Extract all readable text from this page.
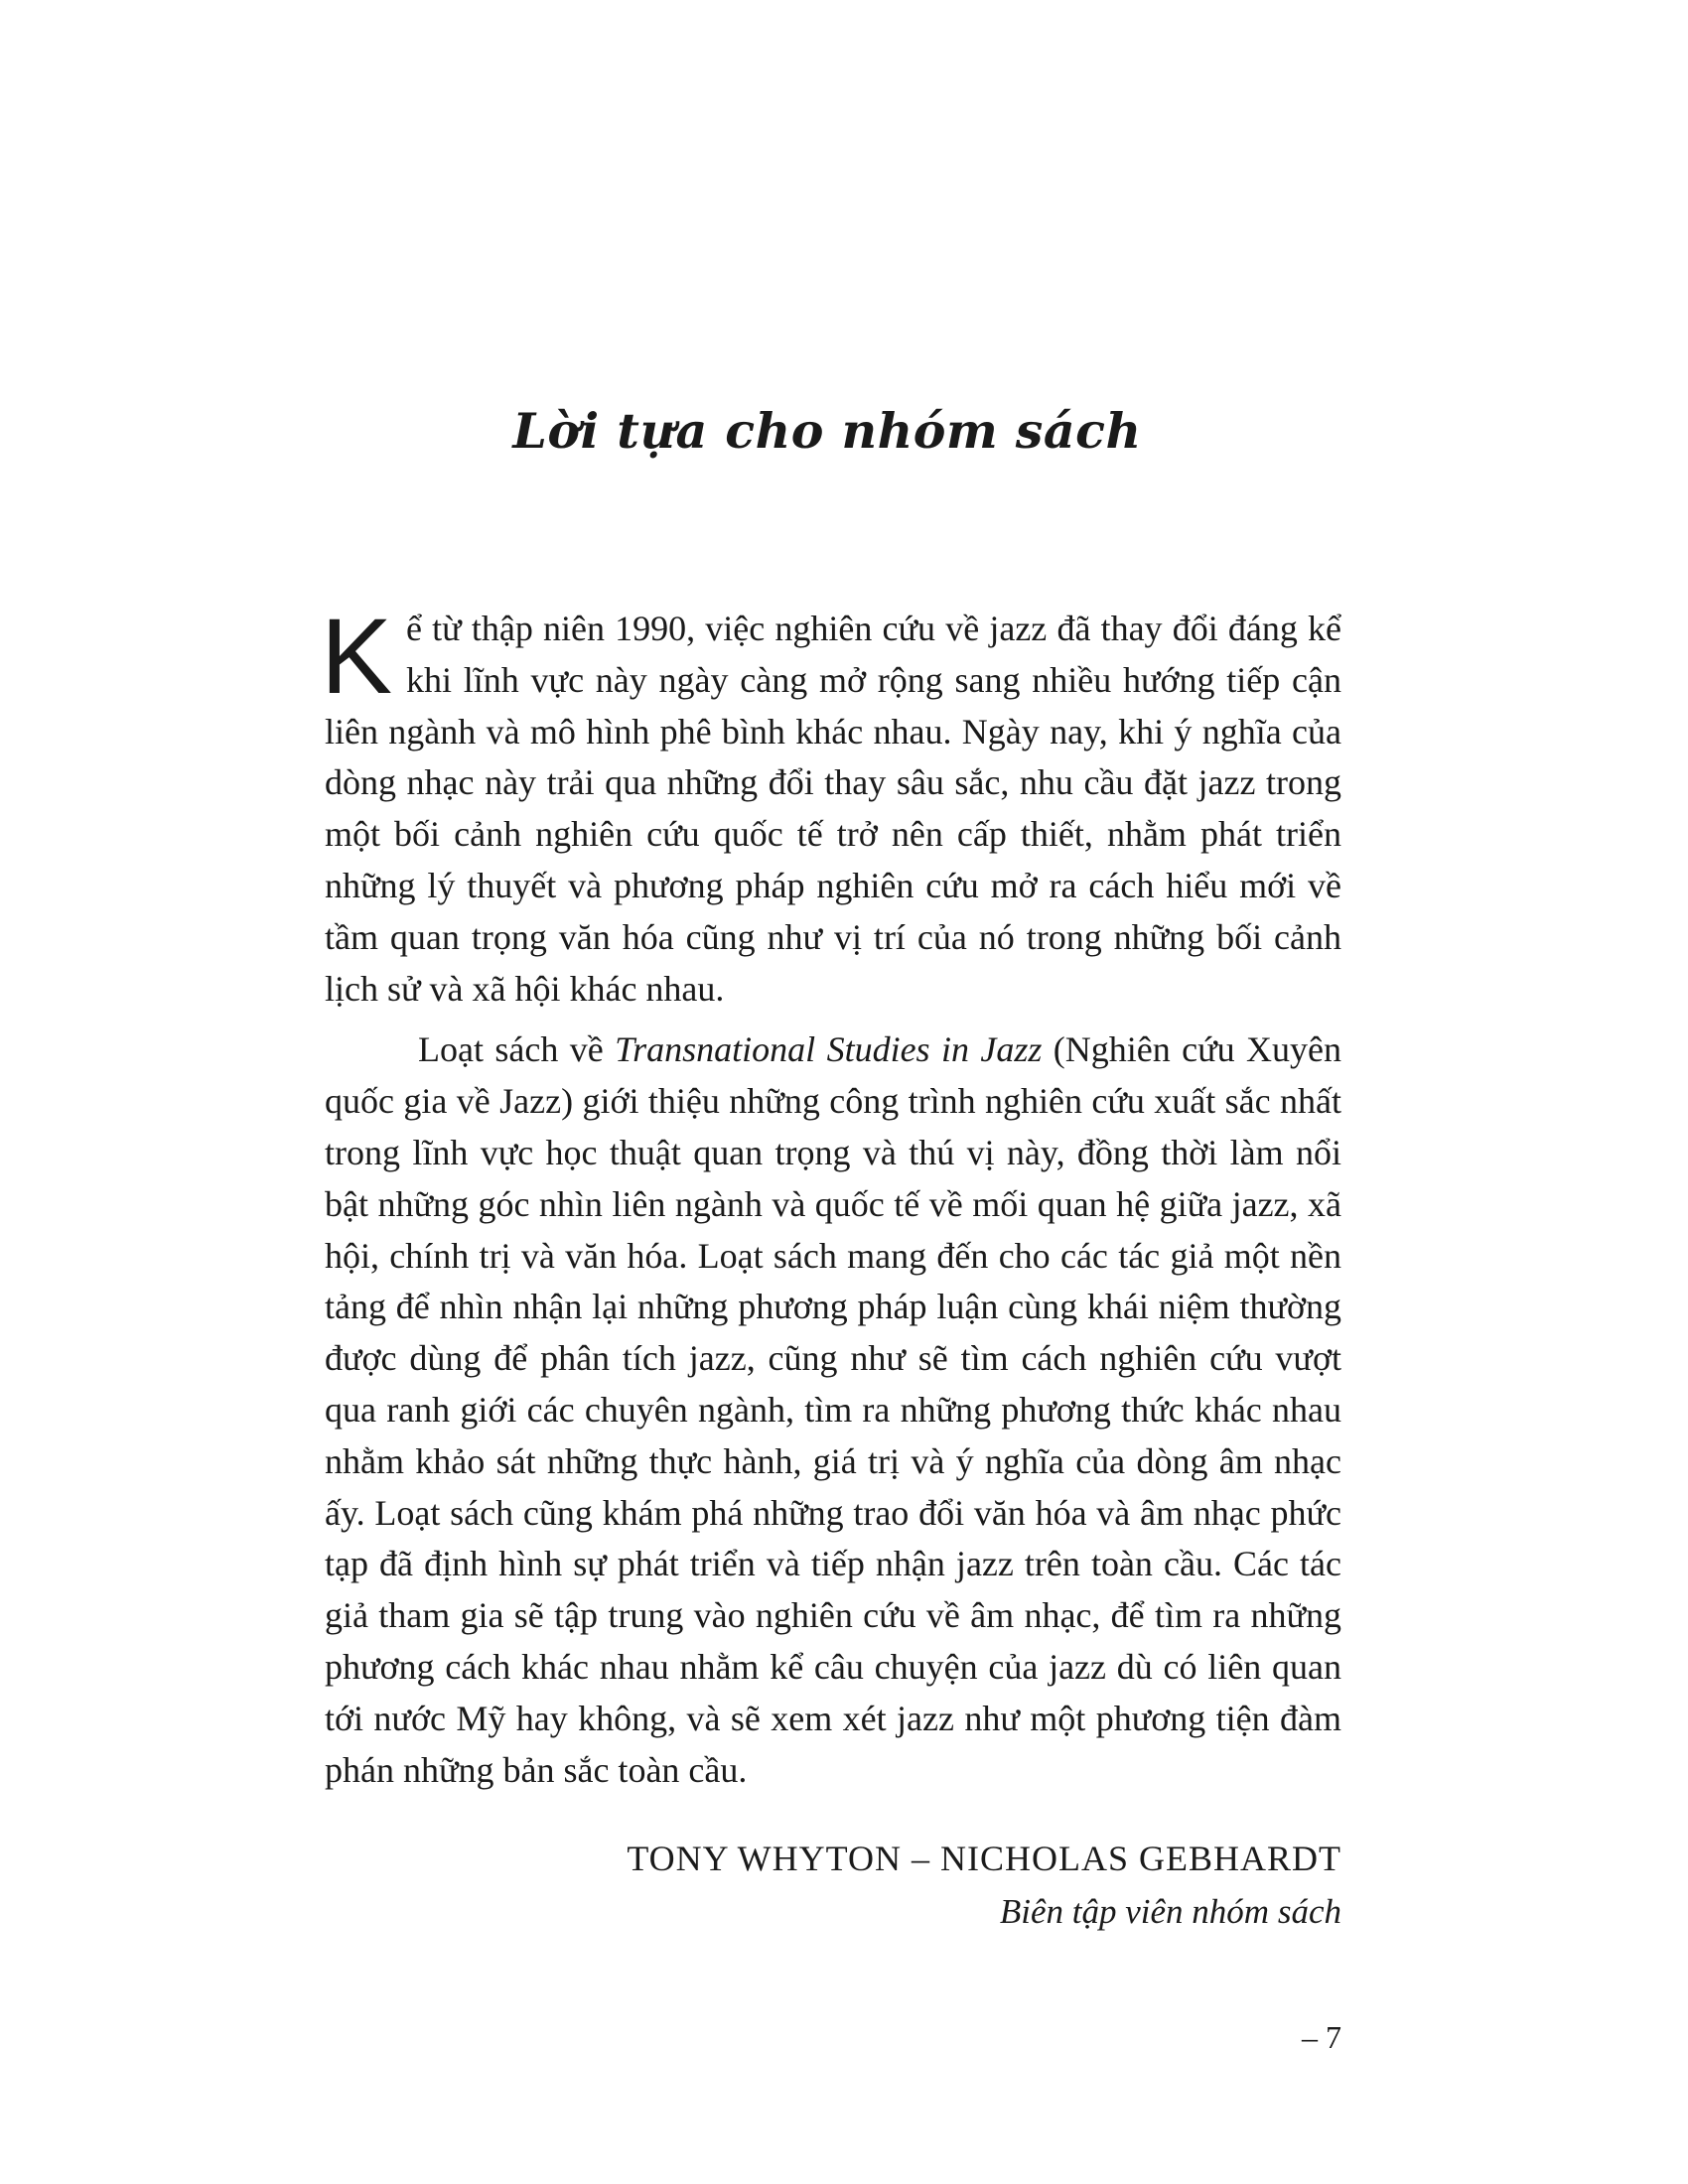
Lời tựa cho nhóm sách

Kể từ thập niên 1990, việc nghiên cứu về jazz đã thay đổi đáng kể khi lĩnh vực này ngày càng mở rộng sang nhiều hướng tiếp cận liên ngành và mô hình phê bình khác nhau. Ngày nay, khi ý nghĩa của dòng nhạc này trải qua những đổi thay sâu sắc, nhu cầu đặt jazz trong một bối cảnh nghiên cứu quốc tế trở nên cấp thiết, nhằm phát triển những lý thuyết và phương pháp nghiên cứu mở ra cách hiểu mới về tầm quan trọng văn hóa cũng như vị trí của nó trong những bối cảnh lịch sử và xã hội khác nhau.

Loạt sách về Transnational Studies in Jazz (Nghiên cứu Xuyên quốc gia về Jazz) giới thiệu những công trình nghiên cứu xuất sắc nhất trong lĩnh vực học thuật quan trọng và thú vị này, đồng thời làm nổi bật những góc nhìn liên ngành và quốc tế về mối quan hệ giữa jazz, xã hội, chính trị và văn hóa. Loạt sách mang đến cho các tác giả một nền tảng để nhìn nhận lại những phương pháp luận cùng khái niệm thường được dùng để phân tích jazz, cũng như sẽ tìm cách nghiên cứu vượt qua ranh giới các chuyên ngành, tìm ra những phương thức khác nhau nhằm khảo sát những thực hành, giá trị và ý nghĩa của dòng âm nhạc ấy. Loạt sách cũng khám phá những trao đổi văn hóa và âm nhạc phức tạp đã định hình sự phát triển và tiếp nhận jazz trên toàn cầu. Các tác giả tham gia sẽ tập trung vào nghiên cứu về âm nhạc, để tìm ra những phương cách khác nhau nhằm kể câu chuyện của jazz dù có liên quan tới nước Mỹ hay không, và sẽ xem xét jazz như một phương tiện đàm phán những bản sắc toàn cầu.

TONY WHYTON – NICHOLAS GEBHARDT

Biên tập viên nhóm sách

– 7
